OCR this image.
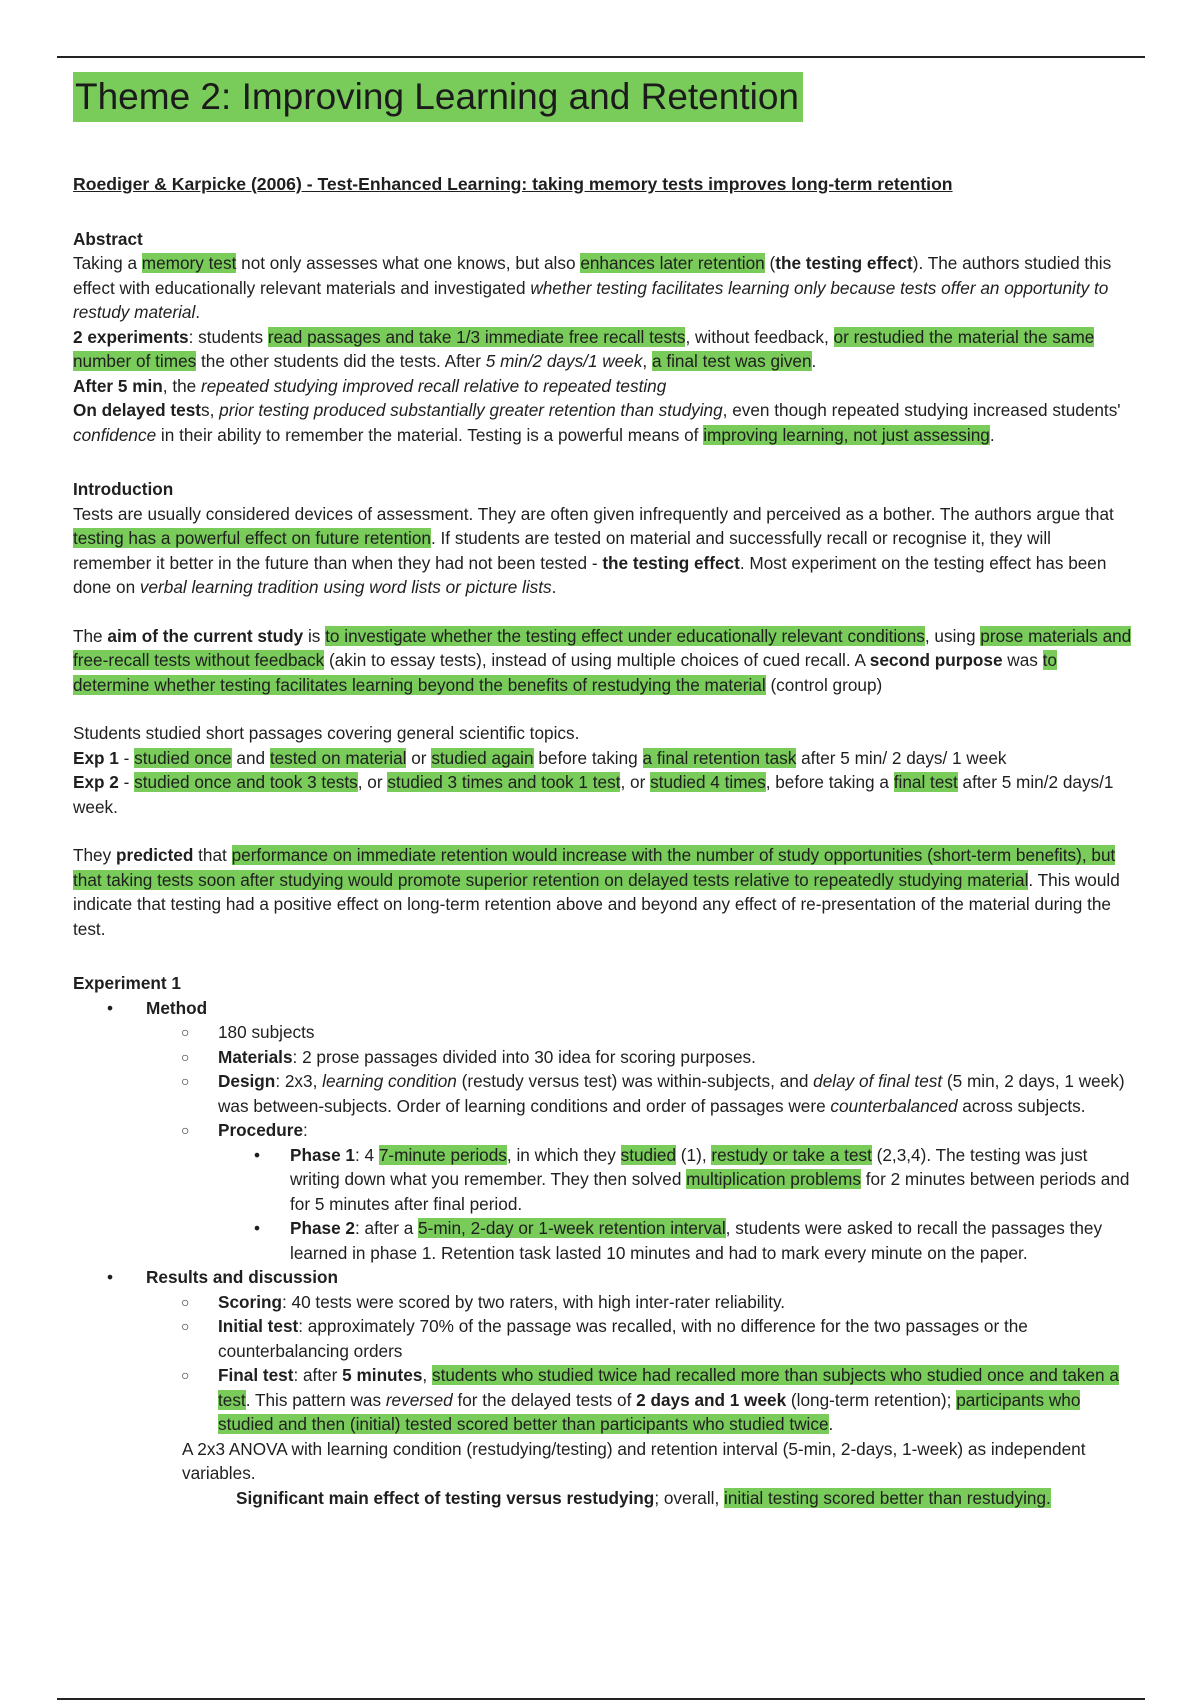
Theme 2: Improving Learning and Retention

Roediger & Karpicke (2006) - Test-Enhanced Learning: taking memory tests improves long-term retention

Abstract

Taking a memory test not only assesses what one knows, but also enhances later retention (the testing effect). The authors studied this effect with educationally relevant materials and investigated whether testing facilitates learning only because tests offer an opportunity to restudy material.

2 experiments: students read passages and take 1/3 immediate free recall tests, without feedback, or restudied the material the same number of times the other students did the tests. After 5 min/2 days/1 week, a final test was given.

After 5 min, the repeated studying improved recall relative to repeated testing

On delayed tests, prior testing produced substantially greater retention than studying, even though repeated studying increased students' confidence in their ability to remember the material. Testing is a powerful means of improving learning, not just assessing.

Introduction

Tests are usually considered devices of assessment. They are often given infrequently and perceived as a bother. The authors argue that testing has a powerful effect on future retention. If students are tested on material and successfully recall or recognise it, they will remember it better in the future than when they had not been tested - the testing effect. Most experiment on the testing effect has been done on verbal learning tradition using word lists or picture lists.

The aim of the current study is to investigate whether the testing effect under educationally relevant conditions, using prose materials and free-recall tests without feedback (akin to essay tests), instead of using multiple choices of cued recall. A second purpose was to determine whether testing facilitates learning beyond the benefits of restudying the material (control group)

Students studied short passages covering general scientific topics.

Exp 1 - studied once and tested on material or studied again before taking a final retention task after 5 min/ 2 days/ 1 week

Exp 2 - studied once and took 3 tests, or studied 3 times and took 1 test, or studied 4 times, before taking a final test after 5 min/2 days/1 week.

They predicted that performance on immediate retention would increase with the number of study opportunities (short-term benefits), but that taking tests soon after studying would promote superior retention on delayed tests relative to repeatedly studying material. This would indicate that testing had a positive effect on long-term retention above and beyond any effect of re-presentation of the material during the test.

Experiment 1

• Method
○ 180 subjects
○ Materials: 2 prose passages divided into 30 idea for scoring purposes.
○ Design: 2x3, learning condition (restudy versus test) was within-subjects, and delay of final test (5 min, 2 days, 1 week) was between-subjects. Order of learning conditions and order of passages were counterbalanced across subjects.
○ Procedure:
• Phase 1: 4 7-minute periods, in which they studied (1), restudy or take a test (2,3,4). The testing was just writing down what you remember. They then solved multiplication problems for 2 minutes between periods and for 5 minutes after final period.
• Phase 2: after a 5-min, 2-day or 1-week retention interval, students were asked to recall the passages they learned in phase 1. Retention task lasted 10 minutes and had to mark every minute on the paper.
• Results and discussion
○ Scoring: 40 tests were scored by two raters, with high inter-rater reliability.
○ Initial test: approximately 70% of the passage was recalled, with no difference for the two passages or the counterbalancing orders
○ Final test: after 5 minutes, students who studied twice had recalled more than subjects who studied once and taken a test. This pattern was reversed for the delayed tests of 2 days and 1 week (long-term retention); participants who studied and then (initial) tested scored better than participants who studied twice.

A 2x3 ANOVA with learning condition (restudying/testing) and retention interval (5-min, 2-days, 1-week) as independent variables.

Significant main effect of testing versus restudying; overall, initial testing scored better than restudying.
